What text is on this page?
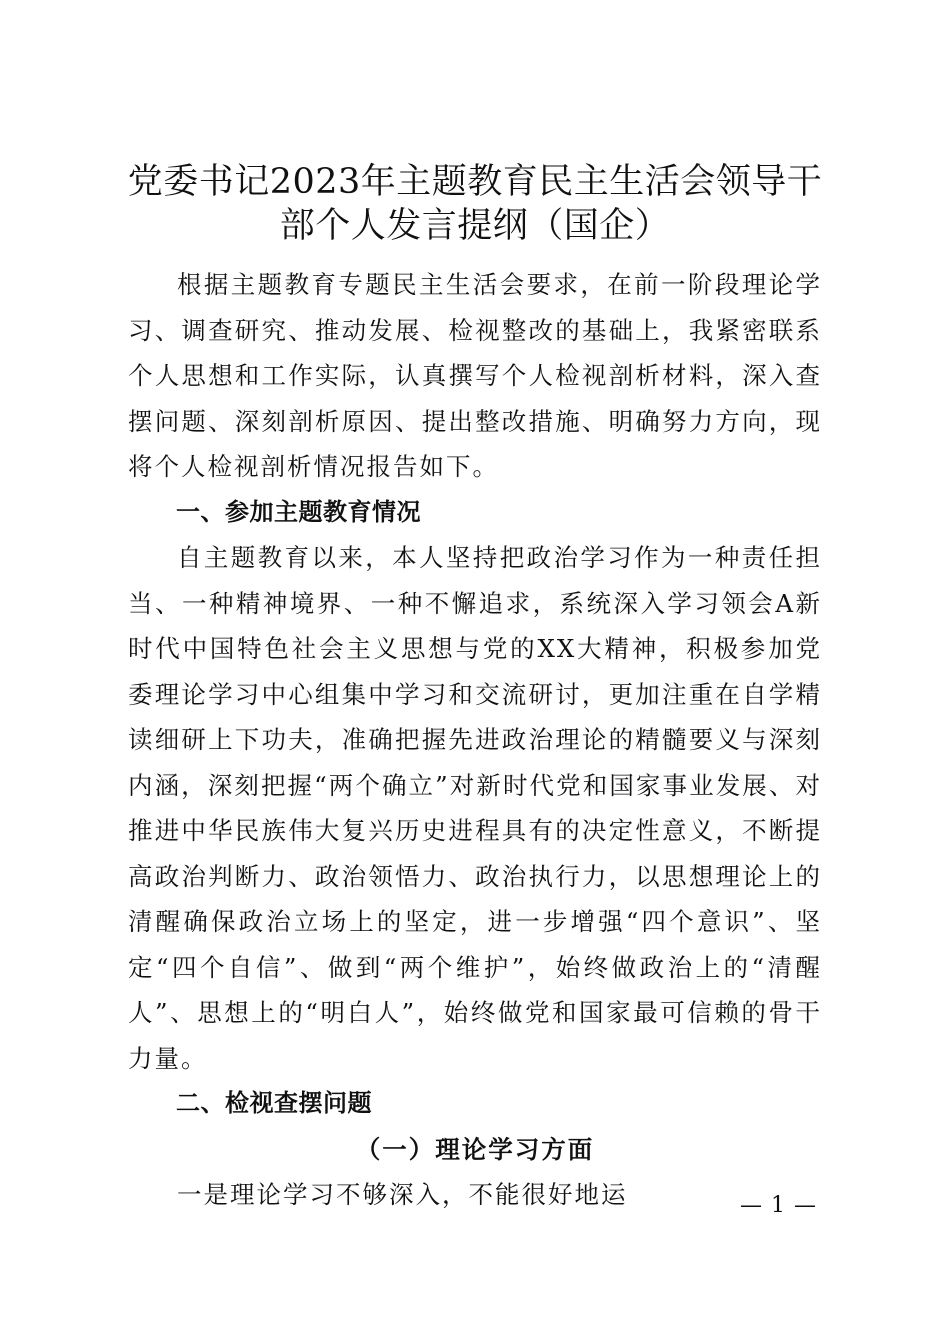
党委书记2023年主题教育民主生活会领导干部个人发言提纲（国企）

根据主题教育专题民主生活会要求，在前一阶段理论学习、调查研究、推动发展、检视整改的基础上，我紧密联系个人思想和工作实际，认真撰写个人检视剖析材料，深入查摆问题、深刻剖析原因、提出整改措施、明确努力方向，现将个人检视剖析情况报告如下。

一、参加主题教育情况

自主题教育以来，本人坚持把政治学习作为一种责任担当、一种精神境界、一种不懈追求，系统深入学习领会A新时代中国特色社会主义思想与党的XX大精神，积极参加党委理论学习中心组集中学习和交流研讨，更加注重在自学精读细研上下功夫，准确把握先进政治理论的精髓要义与深刻内涵，深刻把握“两个确立”对新时代党和国家事业发展、对推进中华民族伟大复兴历史进程具有的决定性意义，不断提高政治判断力、政治领悟力、政治执行力，以思想理论上的清醒确保政治立场上的坚定，进一步增强“四个意识”、坚定“四个自信”、做到“两个维护”，始终做政治上的“清醒人”、思想上的“明白人”，始终做党和国家最可信赖的骨干力量。

二、检视查摆问题

（一）理论学习方面

一是理论学习不够深入，不能很好地运	— 1 —
